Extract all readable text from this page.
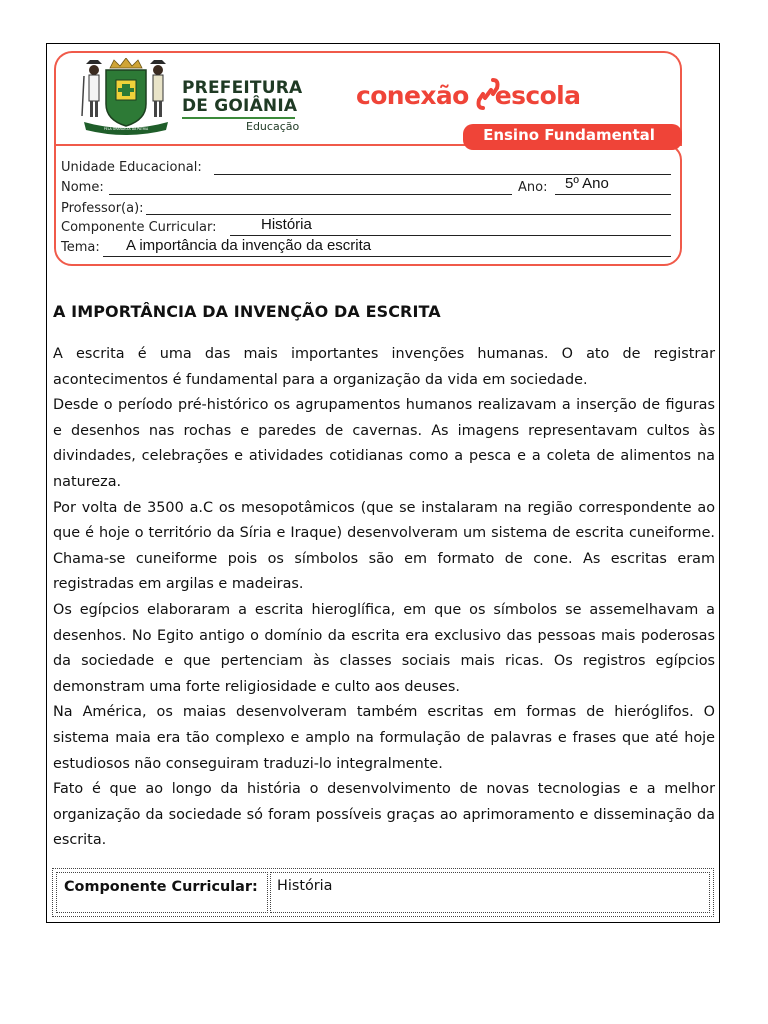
PELA GRANDEZA DA PÁTRIA
PREFEITURA
DE GOIÂNIA
Educação
conexão escola
Ensino Fundamental
Unidade Educacional:
Nome:	Ano: 5º Ano
Professor(a):
Componente Curricular:	História
Tema: A importância da invenção da escrita
A IMPORTÂNCIA DA INVENÇÃO DA ESCRITA

A escrita é uma das mais importantes invenções humanas. O ato de registrar acontecimentos é fundamental para a organização da vida em sociedade.

Desde o período pré-histórico os agrupamentos humanos realizavam a inserção de figuras e desenhos nas rochas e paredes de cavernas. As imagens representavam cultos às divindades, celebrações e atividades cotidianas como a pesca e a coleta de alimentos na natureza.

Por volta de 3500 a.C os mesopotâmicos (que se instalaram na região correspondente ao que é hoje o território da Síria e Iraque) desenvolveram um sistema de escrita cuneiforme. Chama-se cuneiforme pois os símbolos são em formato de cone. As escritas eram registradas em argilas e madeiras.

Os egípcios elaboraram a escrita hieroglífica, em que os símbolos se assemelhavam a desenhos. No Egito antigo o domínio da escrita era exclusivo das pessoas mais poderosas da sociedade e que pertenciam às classes sociais mais ricas. Os registros egípcios demonstram uma forte religiosidade e culto aos deuses.

Na América, os maias desenvolveram também escritas em formas de hieróglifos. O sistema maia era tão complexo e amplo na formulação de palavras e frases que até hoje estudiosos não conseguiram traduzi-lo integralmente.

Fato é que ao longo da história o desenvolvimento de novas tecnologias e a melhor organização da sociedade só foram possíveis graças ao aprimoramento e disseminação da escrita.

Componente Curricular:	História
